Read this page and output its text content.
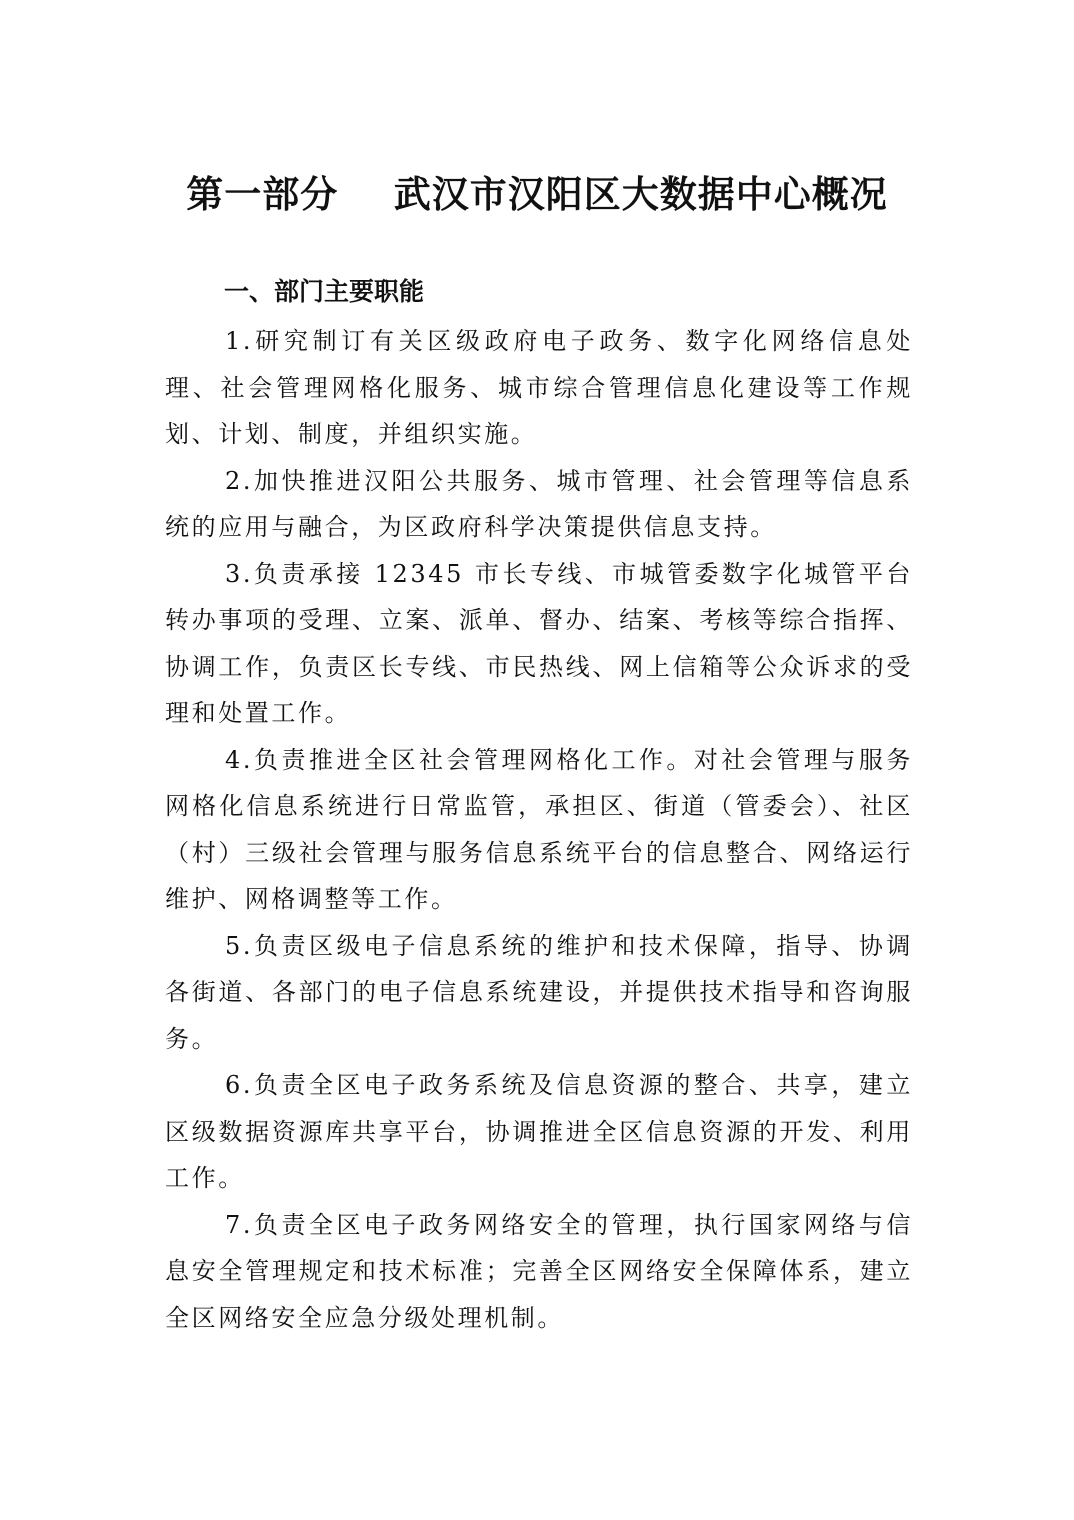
第一部分    武汉市汉阳区大数据中心概况
一、部门主要职能

1.研究制订有关区级政府电子政务、数字化网络信息处理、社会管理网格化服务、城市综合管理信息化建设等工作规划、计划、制度，并组织实施。

2.加快推进汉阳公共服务、城市管理、社会管理等信息系统的应用与融合，为区政府科学决策提供信息支持。

3.负责承接 12345 市长专线、市城管委数字化城管平台转办事项的受理、立案、派单、督办、结案、考核等综合指挥、协调工作，负责区长专线、市民热线、网上信箱等公众诉求的受理和处置工作。

4.负责推进全区社会管理网格化工作。对社会管理与服务网格化信息系统进行日常监管，承担区、街道（管委会）、社区（村）三级社会管理与服务信息系统平台的信息整合、网络运行维护、网格调整等工作。

5.负责区级电子信息系统的维护和技术保障，指导、协调各街道、各部门的电子信息系统建设，并提供技术指导和咨询服务。

6.负责全区电子政务系统及信息资源的整合、共享，建立区级数据资源库共享平台，协调推进全区信息资源的开发、利用工作。

7.负责全区电子政务网络安全的管理，执行国家网络与信息安全管理规定和技术标准；完善全区网络安全保障体系，建立全区网络安全应急分级处理机制。
